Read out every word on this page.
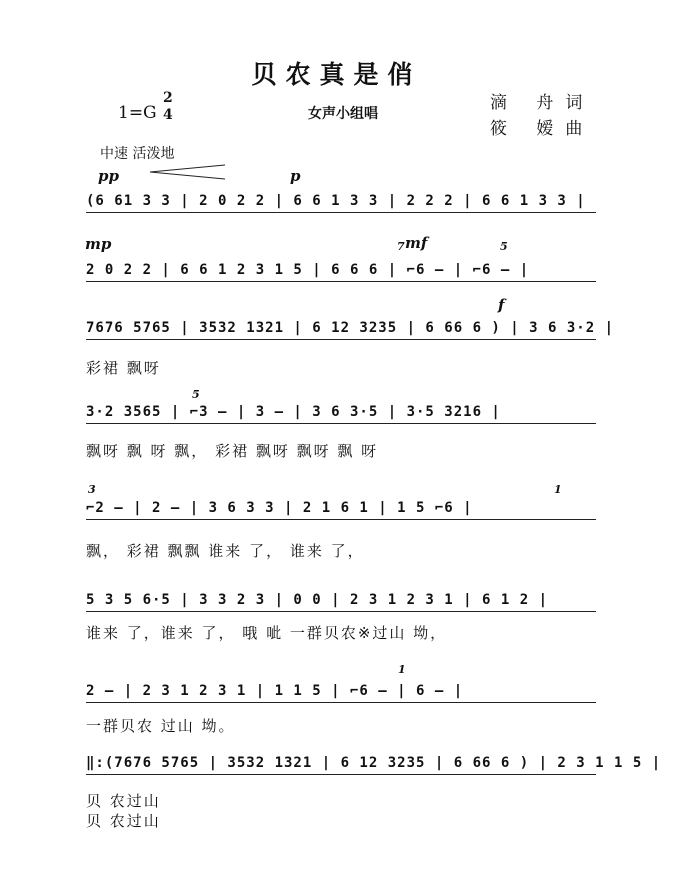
贝农真是俏
1=G
2
4	女声小组唱
滴 舟词
筱 嫒曲
中速 活泼地
pp	p
mp	mf
f
7	5
5
3	1
1
(6 61 3 3 | 2 0 2 2 | 6 6 1 3 3 | 2 2 2 | 6 6 1 3 3 |
2 0 2 2 | 6 6 1 2 3 1 5 | 6 6 6 | ⌐6 — | ⌐6 — |
7676 5765 | 3532 1321 | 6 12 3235 | 6 66 6 ) | 3 6 3·2 |
彩裙 飘呀
3·2 3565 | ⌐3 — | 3 — | 3 6 3·5 | 3·5 3216 |
飘呀 飘 呀 飘， 彩裙 飘呀 飘呀 飘 呀
⌐2 — | 2 — | 3 6 3 3 | 2 1 6 1 | 1 5 ⌐6 |
飘， 彩裙 飘飘 谁来 了， 谁来 了，
5 3 5 6·5 | 3 3 2 3 | 0 0 | 2 3 1 2 3 1 | 6 1 2 |
谁来 了，谁来 了， 哦 呲 一群贝农※过山 坳，
2 — | 2 3 1 2 3 1 | 1 1 5 | ⌐6 — | 6 — |
一群贝农 过山 坳。
‖:(7676 5765 | 3532 1321 | 6 12 3235 | 6 66 6 ) | 2 3 1 1 5 |
贝 农过山
贝 农过山
